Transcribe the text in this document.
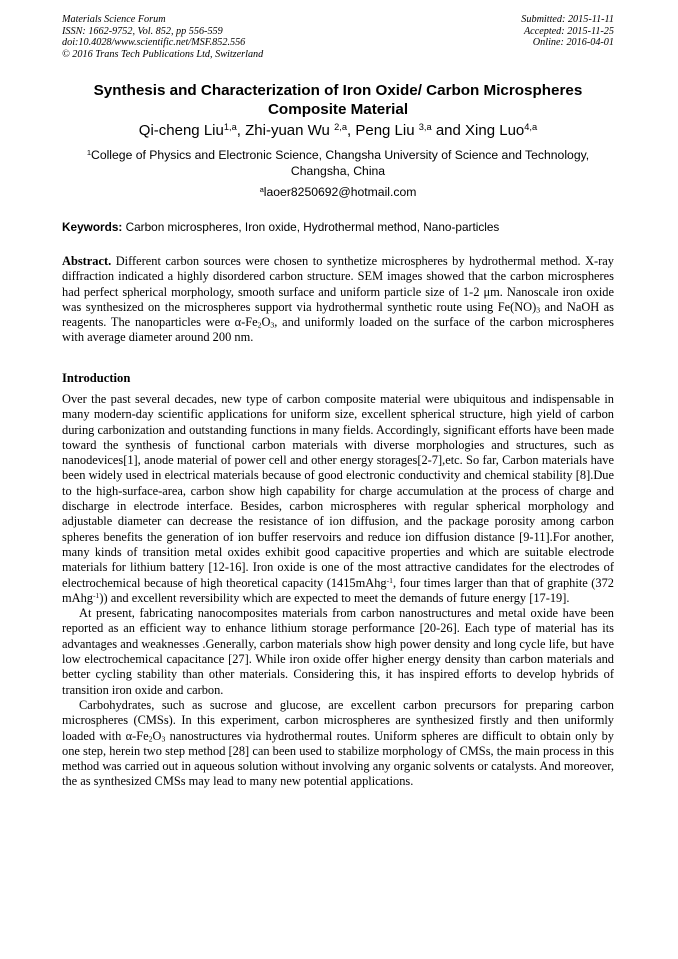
Materials Science Forum
ISSN: 1662-9752, Vol. 852, pp 556-559
doi:10.4028/www.scientific.net/MSF.852.556
© 2016 Trans Tech Publications Ltd, Switzerland
Submitted: 2015-11-11
Accepted: 2015-11-25
Online: 2016-04-01
Synthesis and Characterization of Iron Oxide/ Carbon Microspheres
Composite Material
Qi-cheng Liu$^{1,a}$, Zhi-yuan Wu $^{2,a}$, Peng Liu $^{3,a}$ and Xing Luo$^{4,a}$
$^1$College of Physics and Electronic Science, Changsha University of Science and Technology,
Changsha, China
$^a$laoer8250692@hotmail.com
Keywords: Carbon microspheres, Iron oxide, Hydrothermal method, Nano-particles
Abstract. Different carbon sources were chosen to synthetize microspheres by hydrothermal method. X-ray diffraction indicated a highly disordered carbon structure. SEM images showed that the carbon microspheres had perfect spherical morphology, smooth surface and uniform particle size of 1-2 μm. Nanoscale iron oxide was synthesized on the microspheres support via hydrothermal synthetic route using $Fe(NO)_3$ and NaOH as reagents. The nanoparticles were $\alpha-Fe_2O_3$, and uniformly loaded on the surface of the carbon microspheres with average diameter around 200 nm.
Introduction

Over the past several decades, new type of carbon composite material were ubiquitous and indispensable in many modern-day scientific applications for uniform size, excellent spherical structure, high yield of carbon during carbonization and outstanding functions in many fields. Accordingly, significant efforts have been made toward the synthesis of functional carbon materials with diverse morphologies and structures, such as nanodevices[1], anode material of power cell and other energy storages[2-7],etc. So far, Carbon materials have been widely used in electrical materials because of good electronic conductivity and chemical stability [8].Due to the high-surface-area, carbon show high capability for charge accumulation at the process of charge and discharge in electrode interface. Besides, carbon microspheres with regular spherical morphology and adjustable diameter can decrease the resistance of ion diffusion, and the package porosity among carbon spheres benefits the generation of ion buffer reservoirs and reduce ion diffusion distance [9-11].For another, many kinds of transition metal oxides exhibit good capacitive properties and which are suitable electrode materials for lithium battery [12-16]. Iron oxide is one of the most attractive candidates for the electrodes of electrochemical because of high theoretical capacity (1415mAhg$^{-1}$, four times larger than that of graphite (372 mAhg$^{-1}$)) and excellent reversibility which are expected to meet the demands of future energy [17-19].

At present, fabricating nanocomposites materials from carbon nanostructures and metal oxide have been reported as an efficient way to enhance lithium storage performance [20-26]. Each type of material has its advantages and weaknesses .Generally, carbon materials show high power density and long cycle life, but have low electrochemical capacitance [27]. While iron oxide offer higher energy density than carbon materials and better cycling stability than other materials. Considering this, it has inspired efforts to develop hybrids of transition iron oxide and carbon.

Carbohydrates, such as sucrose and glucose, are excellent carbon precursors for preparing carbon microspheres (CMSs). In this experiment, carbon microspheres are synthesized firstly and then uniformly loaded with $\alpha-Fe_2O_3$ nanostructures via hydrothermal routes. Uniform spheres are difficult to obtain only by one step, herein two step method [28] can been used to stabilize morphology of CMSs, the main process in this method was carried out in aqueous solution without involving any organic solvents or catalysts. And moreover, the as synthesized CMSs may lead to many new potential applications.
